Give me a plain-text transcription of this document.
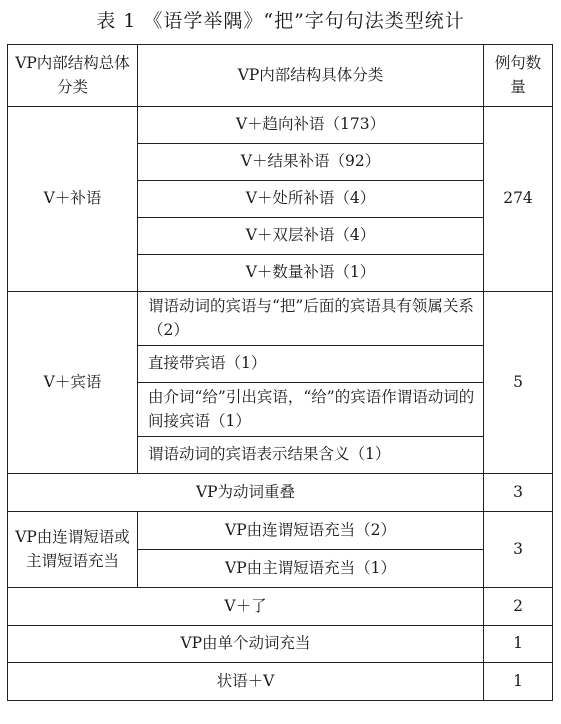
表 1 《语学举隅》“把”字句句法类型统计
VP内部结构总体分类	VP内部结构具体分类	例句数量
V＋补语	V＋趋向补语（173）	274
	V＋结果补语（92）	
	V＋处所补语（4）	
	V＋双层补语（4）	
	V＋数量补语（1）	
V＋宾语	谓语动词的宾语与“把”后面的宾语具有领属关系（2）	5
	直接带宾语（1）	
	由介词“给”引出宾语，“给”的宾语作谓语动词的间接宾语（1）	
	谓语动词的宾语表示结果含义（1）	
VP为动词重叠		3
VP由连谓短语或主谓短语充当	VP由连谓短语充当（2）	3
	VP由主谓短语充当（1）	
V＋了		2
VP由单个动词充当		1
状语＋V		1
